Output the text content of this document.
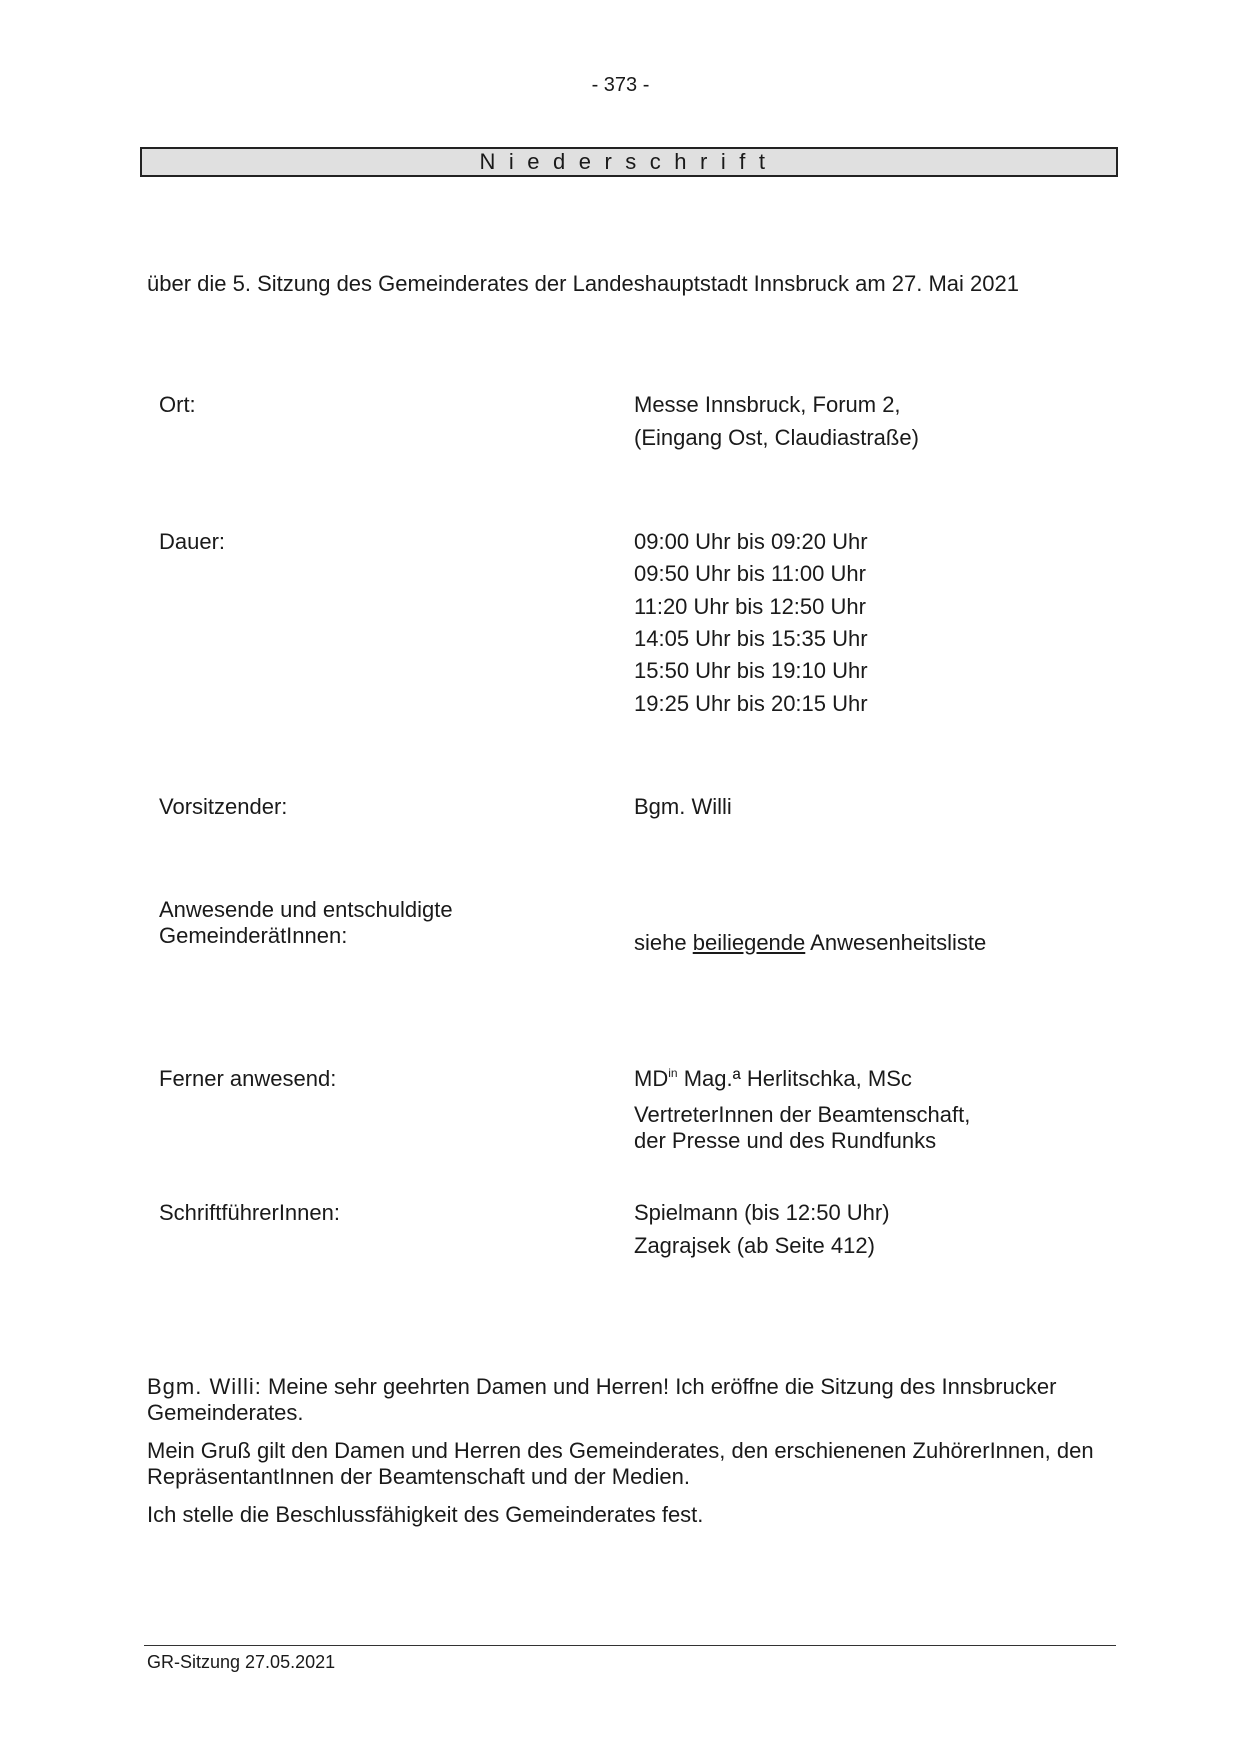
- 373 -
Niederschrift
über die 5. Sitzung des Gemeinderates der Landeshauptstadt Innsbruck am 27. Mai 2021
Ort:	Messe Innsbruck, Forum 2,
(Eingang Ost, Claudiastraße)
Dauer:	09:00 Uhr bis 09:20 Uhr
09:50 Uhr bis 11:00 Uhr
11:20 Uhr bis 12:50 Uhr
14:05 Uhr bis 15:35 Uhr
15:50 Uhr bis 19:10 Uhr
19:25 Uhr bis 20:15 Uhr
Vorsitzender:	Bgm. Willi
Anwesende und entschuldigte
GemeinderätInnen:	siehe beiliegende Anwesenheitsliste
Ferner anwesend:	$MD^{in}$ Mag.ª Herlitschka, MSc
VertreterInnen der Beamtenschaft,
der Presse und des Rundfunks
SchriftführerInnen:	Spielmann (bis 12:50 Uhr)
Zagrajsek (ab Seite 412)
Bgm. Willi: Meine sehr geehrten Damen und Herren! Ich eröffne die Sitzung des Innsbrucker Gemeinderates.
Mein Gruß gilt den Damen und Herren des Gemeinderates, den erschienenen ZuhörerInnen, den RepräsentantInnen der Beamtenschaft und der Medien.
Ich stelle die Beschlussfähigkeit des Gemeinderates fest.
GR-Sitzung 27.05.2021
